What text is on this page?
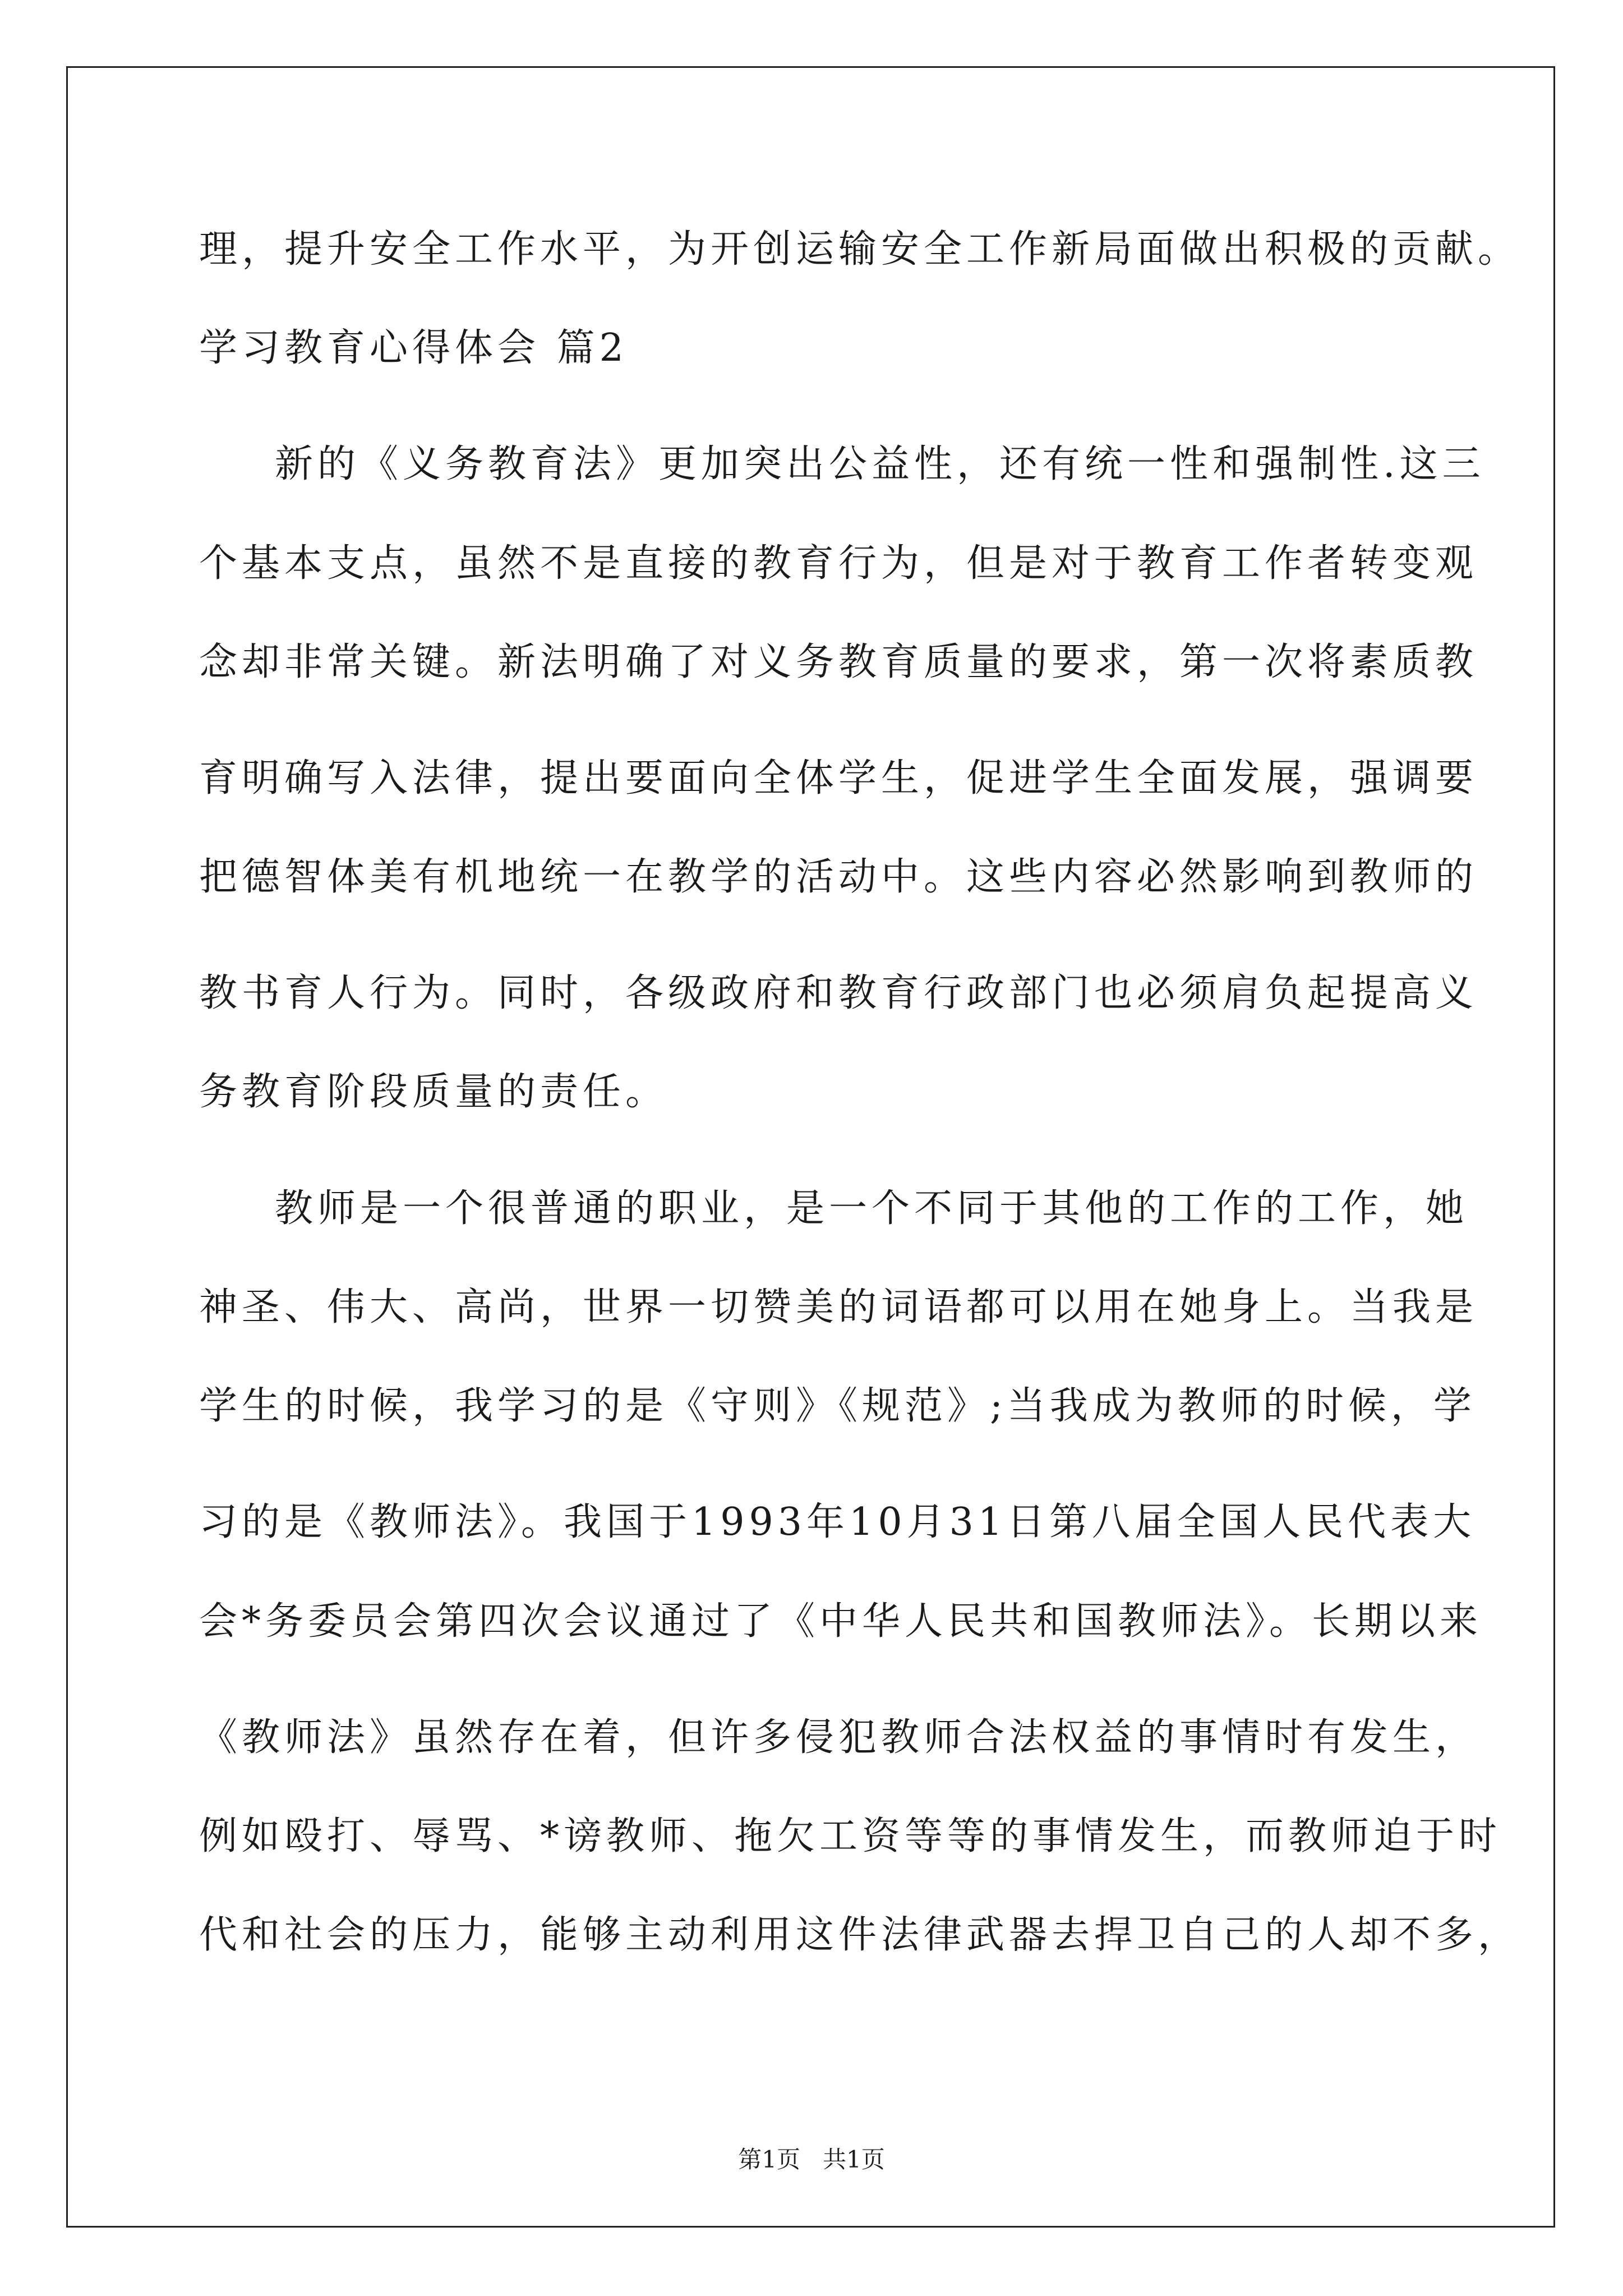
理，提升安全工作水平，为开创运输安全工作新局面做出积极的贡献。
学习教育心得体会 篇2
新的《义务教育法》更加突出公益性，还有统一性和强制性.这三
个基本支点，虽然不是直接的教育行为，但是对于教育工作者转变观
念却非常关键。新法明确了对义务教育质量的要求，第一次将素质教
育明确写入法律，提出要面向全体学生，促进学生全面发展，强调要
把德智体美有机地统一在教学的活动中。这些内容必然影响到教师的
教书育人行为。同时，各级政府和教育行政部门也必须肩负起提高义
务教育阶段质量的责任。
教师是一个很普通的职业，是一个不同于其他的工作的工作，她
神圣、伟大、高尚，世界一切赞美的词语都可以用在她身上。当我是
学生的时候，我学习的是《守则》《规范》;当我成为教师的时候，学
习的是《教师法》。我国于1993年10月31日第八届全国人民代表大
会*务委员会第四次会议通过了《中华人民共和国教师法》。长期以来
《教师法》虽然存在着，但许多侵犯教师合法权益的事情时有发生，
例如殴打、辱骂、*谤教师、拖欠工资等等的事情发生，而教师迫于时
代和社会的压力，能够主动利用这件法律武器去捍卫自己的人却不多，
第1页   共1页
